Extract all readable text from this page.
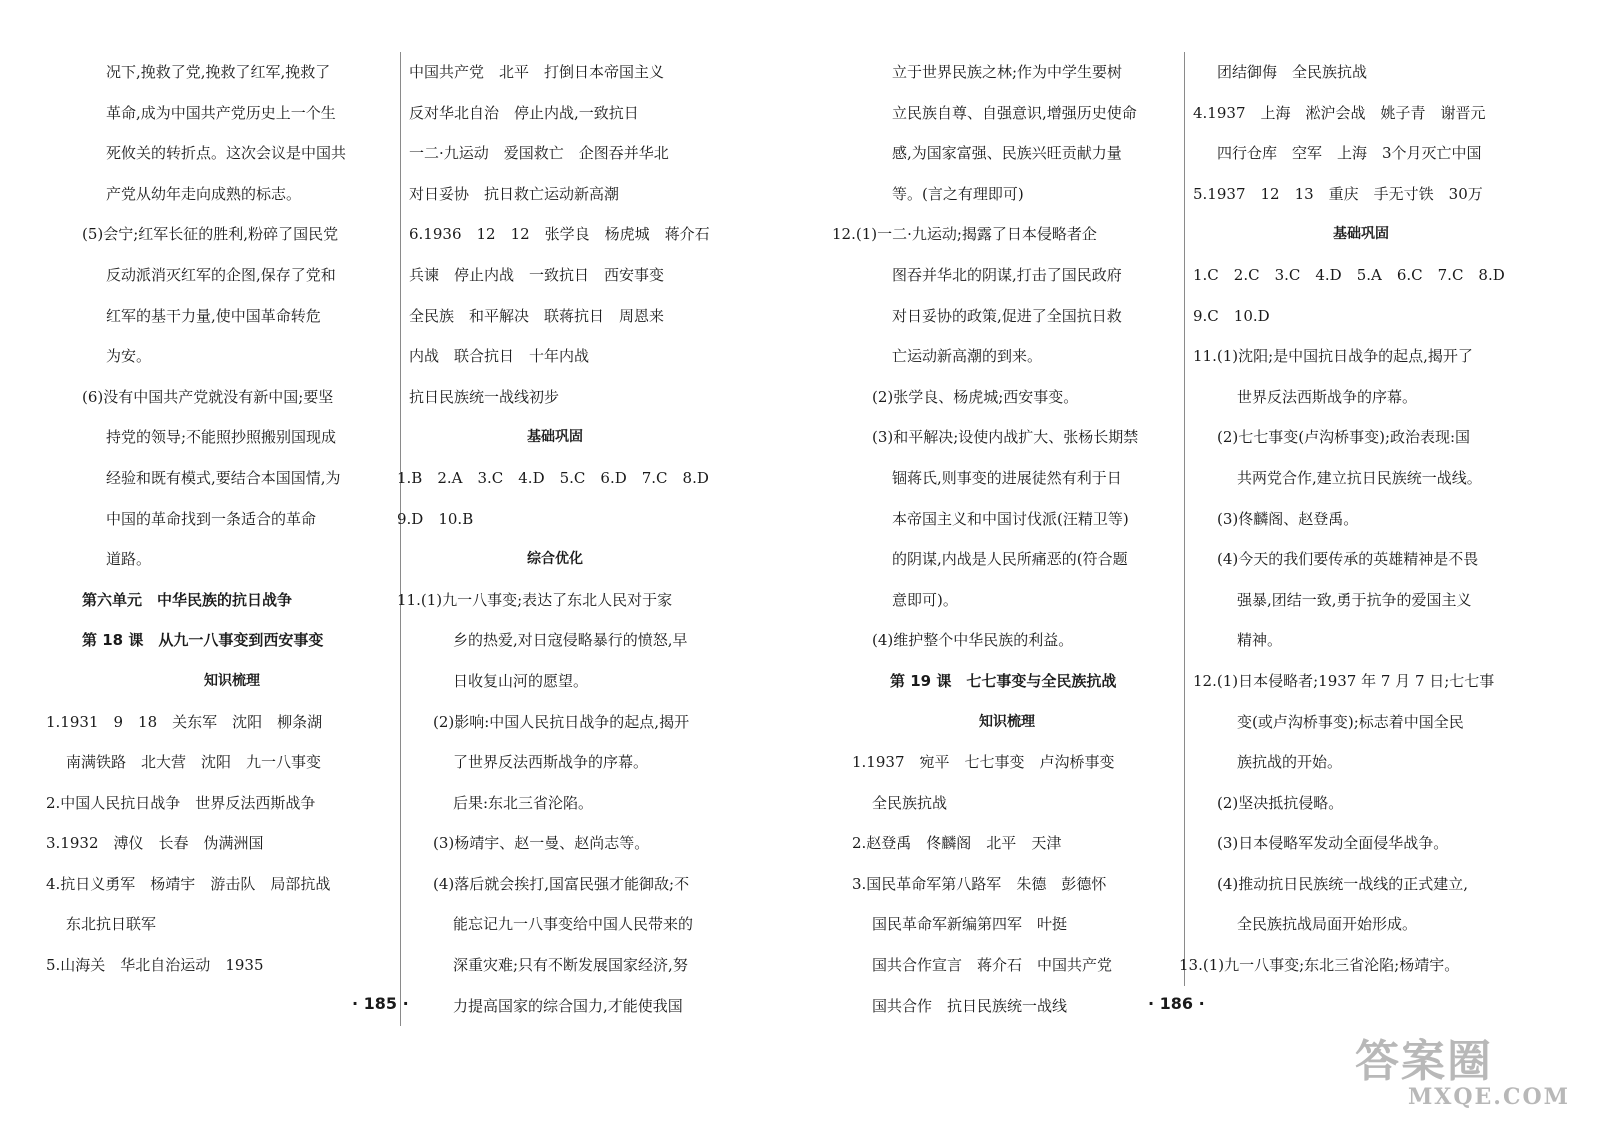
况下,挽救了党,挽救了红军,挽救了
革命,成为中国共产党历史上一个生
死攸关的转折点。这次会议是中国共
产党从幼年走向成熟的标志。
(5)会宁;红军长征的胜利,粉碎了国民党
反动派消灭红军的企图,保存了党和
红军的基干力量,使中国革命转危
为安。
(6)没有中国共产党就没有新中国;要坚
持党的领导;不能照抄照搬别国现成
经验和既有模式,要结合本国国情,为
中国的革命找到一条适合的革命
道路。
第六单元　中华民族的抗日战争
第 18 课　从九一八事变到西安事变
知识梳理
1.1931　9　18　关东军　沈阳　柳条湖
南满铁路　北大营　沈阳　九一八事变
2.中国人民抗日战争　世界反法西斯战争
3.1932　溥仪　长春　伪满洲国
4.抗日义勇军　杨靖宇　游击队　局部抗战
东北抗日联军
5.山海关　华北自治运动　1935
中国共产党　北平　打倒日本帝国主义
反对华北自治　停止内战,一致抗日
一二·九运动　爱国救亡　企图吞并华北
对日妥协　抗日救亡运动新高潮
6.1936　12　12　张学良　杨虎城　蒋介石
兵谏　停止内战　一致抗日　西安事变
全民族　和平解决　联蒋抗日　周恩来
内战　联合抗日　十年内战
抗日民族统一战线初步
基础巩固
1.B　2.A　3.C　4.D　5.C　6.D　7.C　8.D
9.D　10.B
综合优化
11.(1)九一八事变;表达了东北人民对于家
乡的热爱,对日寇侵略暴行的愤怒,早
日收复山河的愿望。
(2)影响:中国人民抗日战争的起点,揭开
了世界反法西斯战争的序幕。
后果:东北三省沦陷。
(3)杨靖宇、赵一曼、赵尚志等。
(4)落后就会挨打,国富民强才能御敌;不
能忘记九一八事变给中国人民带来的
深重灾难;只有不断发展国家经济,努
力提高国家的综合国力,才能使我国
· 185 ·
立于世界民族之林;作为中学生要树
立民族自尊、自强意识,增强历史使命
感,为国家富强、民族兴旺贡献力量
等。(言之有理即可)
12.(1)一二·九运动;揭露了日本侵略者企
图吞并华北的阴谋,打击了国民政府
对日妥协的政策,促进了全国抗日救
亡运动新高潮的到来。
(2)张学良、杨虎城;西安事变。
(3)和平解决;设使内战扩大、张杨长期禁
锢蒋氏,则事变的进展徒然有利于日
本帝国主义和中国讨伐派(汪精卫等)
的阴谋,内战是人民所痛恶的(符合题
意即可)。
(4)维护整个中华民族的利益。
第 19 课　七七事变与全民族抗战
知识梳理
1.1937　宛平　七七事变　卢沟桥事变
全民族抗战
2.赵登禹　佟麟阁　北平　天津
3.国民革命军第八路军　朱德　彭德怀
国民革命军新编第四军　叶挺
国共合作宣言　蒋介石　中国共产党
国共合作　抗日民族统一战线
团结御侮　全民族抗战
4.1937　上海　淞沪会战　姚子青　谢晋元
四行仓库　空军　上海　3个月灭亡中国
5.1937　12　13　重庆　手无寸铁　30万
基础巩固
1.C　2.C　3.C　4.D　5.A　6.C　7.C　8.D
9.C　10.D
11.(1)沈阳;是中国抗日战争的起点,揭开了
世界反法西斯战争的序幕。
(2)七七事变(卢沟桥事变);政治表现:国
共两党合作,建立抗日民族统一战线。
(3)佟麟阁、赵登禹。
(4)今天的我们要传承的英雄精神是不畏
强暴,团结一致,勇于抗争的爱国主义
精神。
12.(1)日本侵略者;1937 年 7 月 7 日;七七事
变(或卢沟桥事变);标志着中国全民
族抗战的开始。
(2)坚决抵抗侵略。
(3)日本侵略军发动全面侵华战争。
(4)推动抗日民族统一战线的正式建立,
全民族抗战局面开始形成。
13.(1)九一八事变;东北三省沦陷;杨靖宇。
· 186 ·
答案圈
MXQE.COM
